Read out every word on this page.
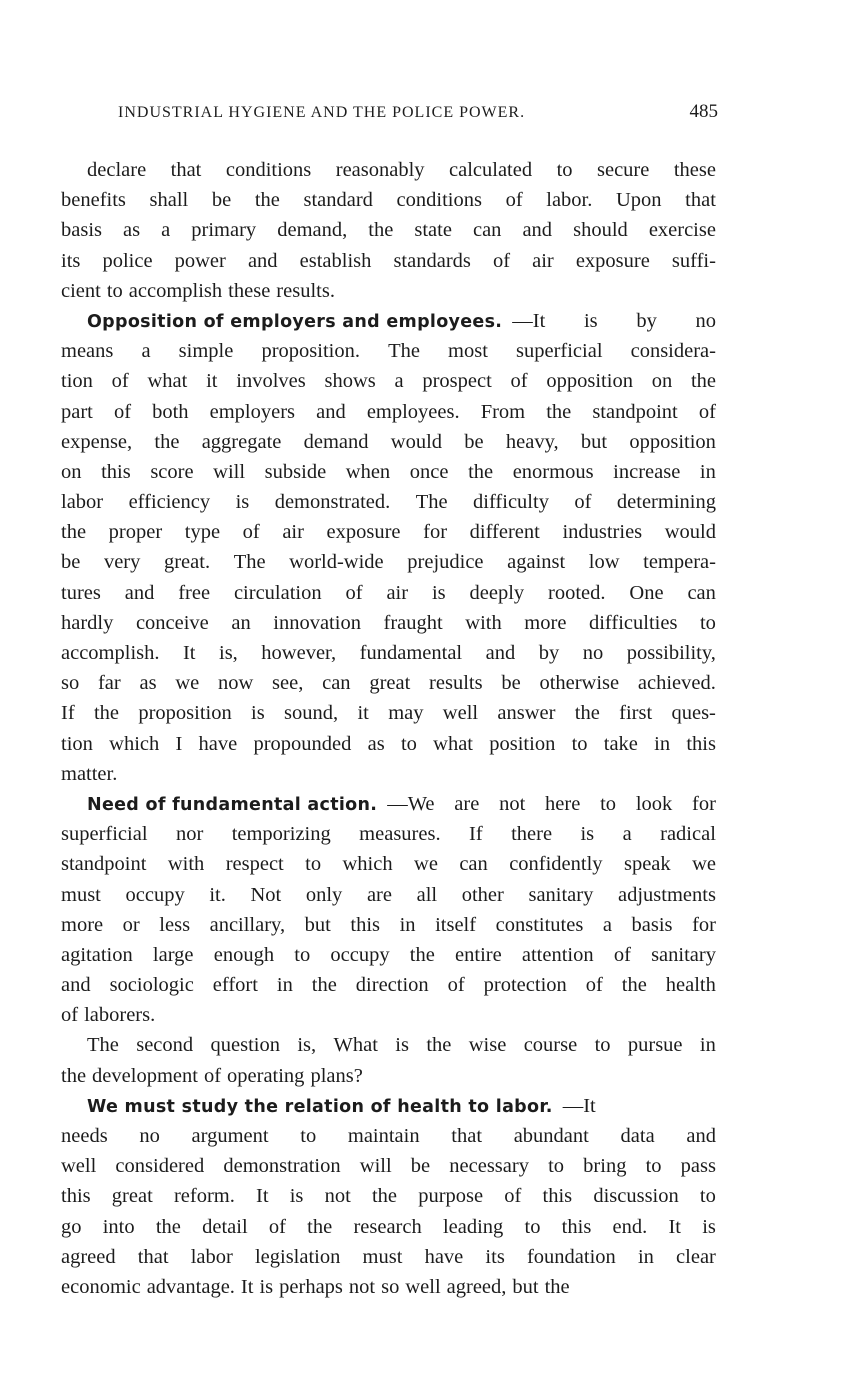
INDUSTRIAL HYGIENE AND THE POLICE POWER.	485
declare that conditions reasonably calculated to secure these
benefits shall be the standard conditions of labor. Upon that
basis as a primary demand, the state can and should exercise
its police power and establish standards of air exposure suffi-
cient to accomplish these results.
Opposition of employers and employees. —It is by no
means a simple proposition. The most superficial considera-
tion of what it involves shows a prospect of opposition on the
part of both employers and employees. From the standpoint of
expense, the aggregate demand would be heavy, but opposition
on this score will subside when once the enormous increase in
labor efficiency is demonstrated. The difficulty of determining
the proper type of air exposure for different industries would
be very great. The world-wide prejudice against low tempera-
tures and free circulation of air is deeply rooted. One can
hardly conceive an innovation fraught with more difficulties to
accomplish. It is, however, fundamental and by no possibility,
so far as we now see, can great results be otherwise achieved.
If the proposition is sound, it may well answer the first ques-
tion which I have propounded as to what position to take in this
matter.
Need of fundamental action. —We are not here to look for
superficial nor temporizing measures. If there is a radical
standpoint with respect to which we can confidently speak we
must occupy it. Not only are all other sanitary adjustments
more or less ancillary, but this in itself constitutes a basis for
agitation large enough to occupy the entire attention of sanitary
and sociologic effort in the direction of protection of the health
of laborers.
The second question is, What is the wise course to pursue in
the development of operating plans?
We must study the relation of health to labor. —It
needs no argument to maintain that abundant data and
well considered demonstration will be necessary to bring to pass
this great reform. It is not the purpose of this discussion to
go into the detail of the research leading to this end. It is
agreed that labor legislation must have its foundation in clear
economic advantage. It is perhaps not so well agreed, but the
